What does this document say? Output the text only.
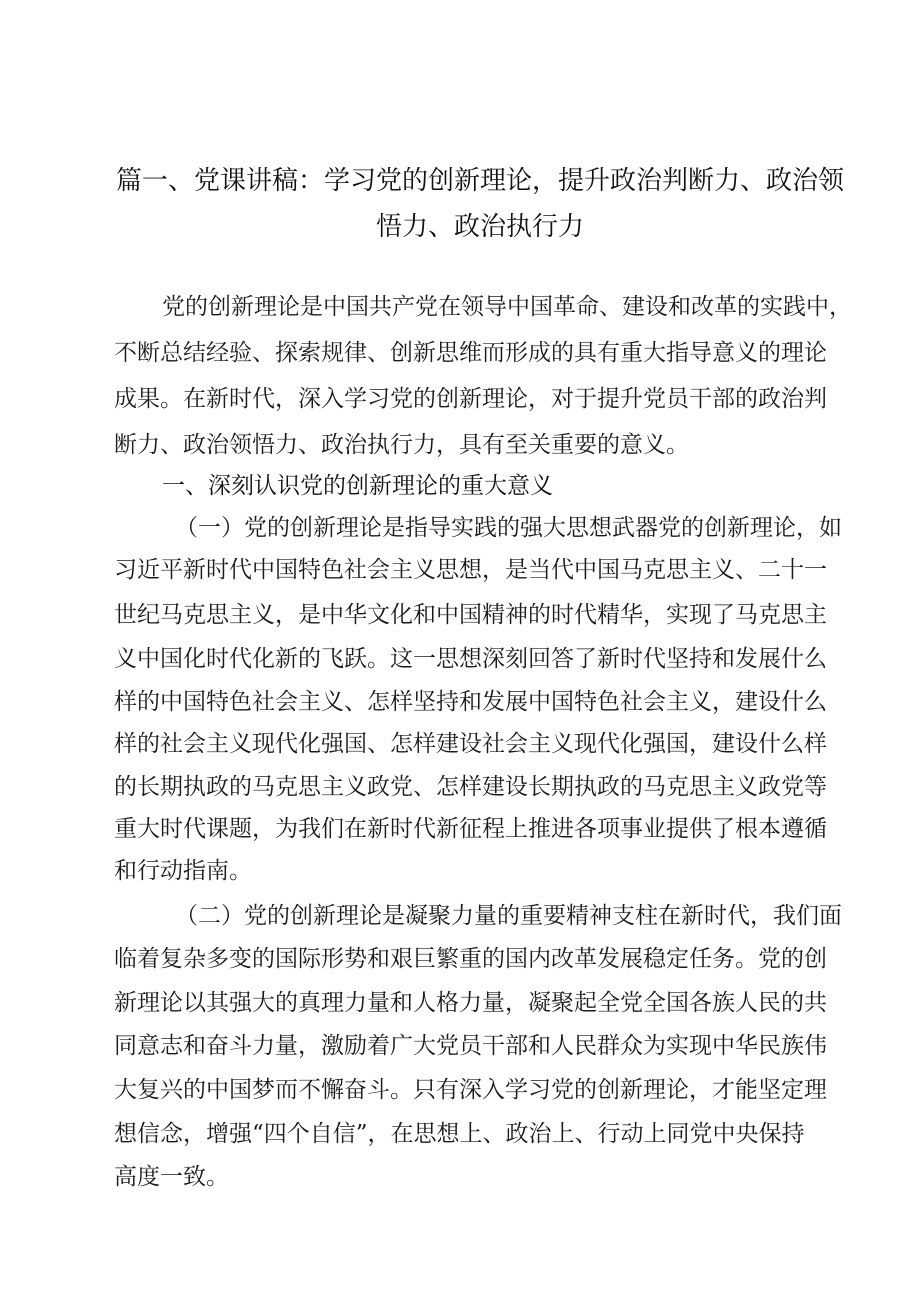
篇一、党课讲稿：学习党的创新理论，提升政治判断力、政治领悟力、政治执行力
党的创新理论是中国共产党在领导中国革命、建设和改革的实践中，
不断总结经验、探索规律、创新思维而形成的具有重大指导意义的理论
成果。在新时代，深入学习党的创新理论，对于提升党员干部的政治判
断力、政治领悟力、政治执行力，具有至关重要的意义。
一、深刻认识党的创新理论的重大意义
（一）党的创新理论是指导实践的强大思想武器党的创新理论，如
习近平新时代中国特色社会主义思想，是当代中国马克思主义、二十一
世纪马克思主义，是中华文化和中国精神的时代精华，实现了马克思主
义中国化时代化新的飞跃。这一思想深刻回答了新时代坚持和发展什么
样的中国特色社会主义、怎样坚持和发展中国特色社会主义，建设什么
样的社会主义现代化强国、怎样建设社会主义现代化强国，建设什么样
的长期执政的马克思主义政党、怎样建设长期执政的马克思主义政党等
重大时代课题，为我们在新时代新征程上推进各项事业提供了根本遵循
和行动指南。
（二）党的创新理论是凝聚力量的重要精神支柱在新时代，我们面
临着复杂多变的国际形势和艰巨繁重的国内改革发展稳定任务。党的创
新理论以其强大的真理力量和人格力量，凝聚起全党全国各族人民的共
同意志和奋斗力量，激励着广大党员干部和人民群众为实现中华民族伟
大复兴的中国梦而不懈奋斗。只有深入学习党的创新理论，才能坚定理
想信念，增强“四个自信”，在思想上、政治上、行动上同党中央保持
高度一致。
